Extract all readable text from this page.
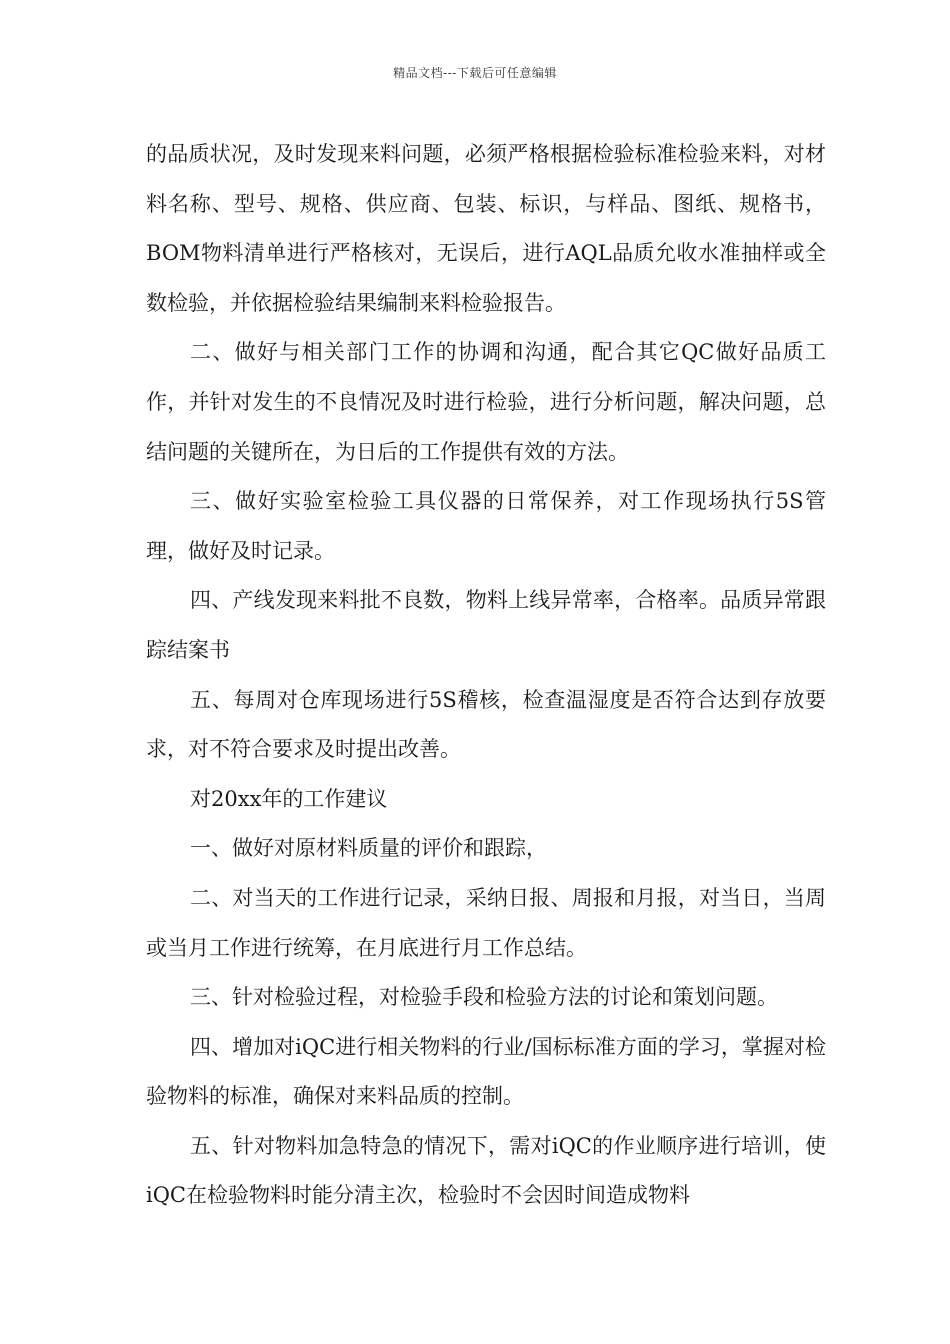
精品文档---下载后可任意编辑

的品质状况，及时发现来料问题，必须严格根据检验标准检验来料，对材料名称、型号、规格、供应商、包装、标识，与样品、图纸、规格书，BOM物料清单进行严格核对，无误后，进行AQL品质允收水准抽样或全数检验，并依据检验结果编制来料检验报告。

二、做好与相关部门工作的协调和沟通，配合其它QC做好品质工作，并针对发生的不良情况及时进行检验，进行分析问题，解决问题，总结问题的关键所在，为日后的工作提供有效的方法。

三、做好实验室检验工具仪器的日常保养，对工作现场执行5S管理，做好及时记录。

四、产线发现来料批不良数，物料上线异常率，合格率。品质异常跟踪结案书

五、每周对仓库现场进行5S稽核，检查温湿度是否符合达到存放要求，对不符合要求及时提出改善。

对20xx年的工作建议

一、做好对原材料质量的评价和跟踪，

二、对当天的工作进行记录，采纳日报、周报和月报，对当日，当周或当月工作进行统筹，在月底进行月工作总结。

三、针对检验过程，对检验手段和检验方法的讨论和策划问题。

四、增加对iQC进行相关物料的行业/国标标准方面的学习，掌握对检验物料的标准，确保对来料品质的控制。

五、针对物料加急特急的情况下，需对iQC的作业顺序进行培训，使iQC在检验物料时能分清主次，检验时不会因时间造成物料
